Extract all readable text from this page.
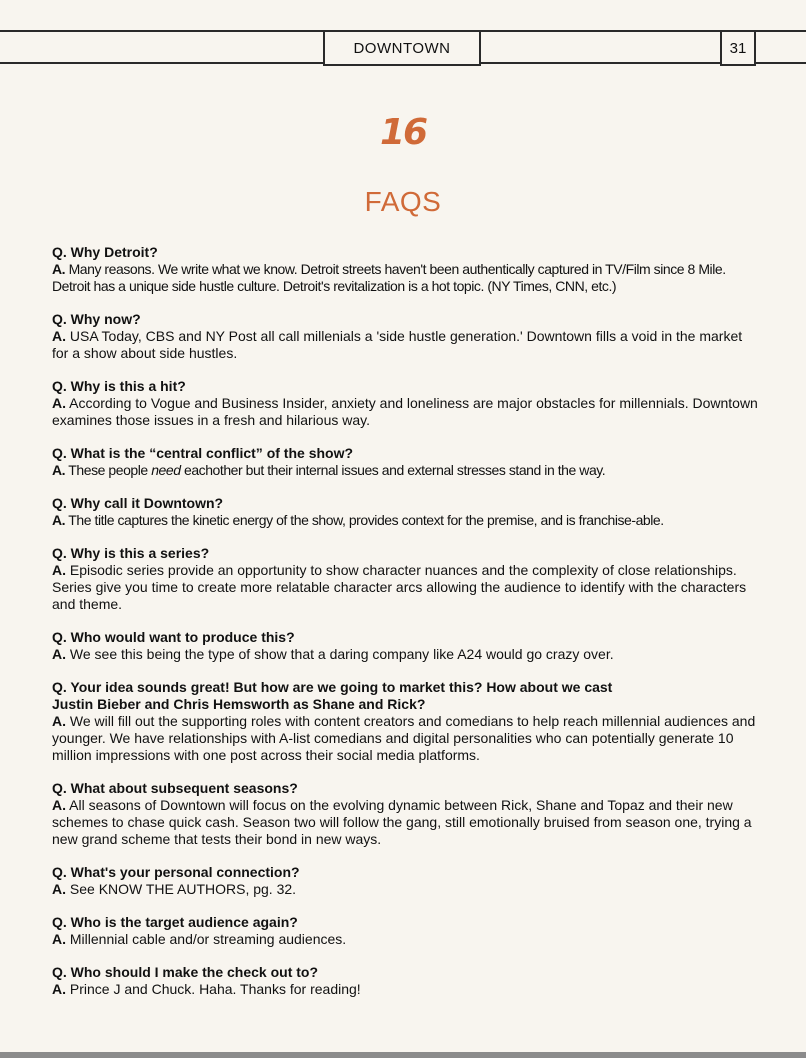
DOWNTOWN	31
16
FAQS
Q. Why Detroit?
A. Many reasons. We write what we know. Detroit streets haven't been authentically captured in TV/Film since 8 Mile. Detroit has a unique side hustle culture. Detroit's revitalization is a hot topic. (NY Times, CNN, etc.)
Q. Why now?
A. USA Today, CBS and NY Post all call millenials a 'side hustle generation.' Downtown fills a void in the market for a show about side hustles.
Q. Why is this a hit?
A. According to Vogue and Business Insider, anxiety and loneliness are major obstacles for millennials. Downtown examines those issues in a fresh and hilarious way.
Q. What is the “central conflict” of the show?
A. These people need eachother but their internal issues and external stresses stand in the way.
Q. Why call it Downtown?
A. The title captures the kinetic energy of the show, provides context for the premise, and is franchise-able.
Q. Why is this a series?
A. Episodic series provide an opportunity to show character nuances and the complexity of close relationships. Series give you time to create more relatable character arcs allowing the audience to identify with the characters and theme.
Q. Who would want to produce this?
A. We see this being the type of show that a daring company like A24 would go crazy over.
Q. Your idea sounds great! But how are we going to market this? How about we cast Justin Bieber and Chris Hemsworth as Shane and Rick?
A. We will fill out the supporting roles with content creators and comedians to help reach millennial audiences and younger. We have relationships with A-list comedians and digital personalities who can potentially generate 10 million impressions with one post across their social media platforms.
Q. What about subsequent seasons?
A. All seasons of Downtown will focus on the evolving dynamic between Rick, Shane and Topaz and their new schemes to chase quick cash. Season two will follow the gang, still emotionally bruised from season one, trying a new grand scheme that tests their bond in new ways.
Q. What's your personal connection?
A. See KNOW THE AUTHORS, pg. 32.
Q. Who is the target audience again?
A. Millennial cable and/or streaming audiences.
Q. Who should I make the check out to?
A. Prince J and Chuck. Haha. Thanks for reading!
